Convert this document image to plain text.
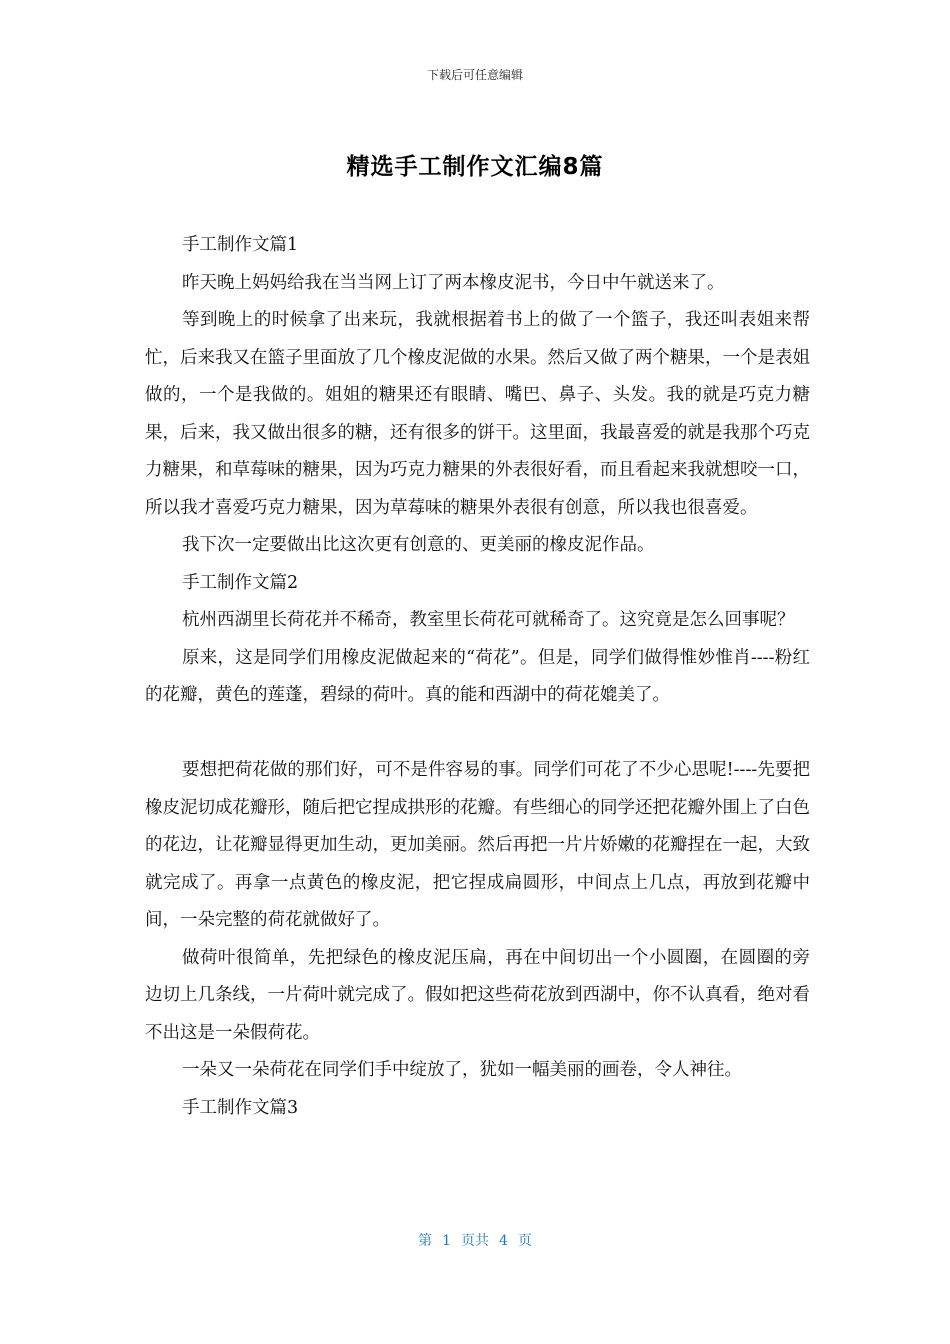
下载后可任意编辑
精选手工制作文汇编8篇

手工制作文篇1

昨天晚上妈妈给我在当当网上订了两本橡皮泥书，今日中午就送来了。

等到晚上的时候拿了出来玩，我就根据着书上的做了一个篮子，我还叫表姐来帮忙，后来我又在篮子里面放了几个橡皮泥做的水果。然后又做了两个糖果，一个是表姐做的，一个是我做的。姐姐的糖果还有眼睛、嘴巴、鼻子、头发。我的就是巧克力糖果，后来，我又做出很多的糖，还有很多的饼干。这里面，我最喜爱的就是我那个巧克力糖果，和草莓味的糖果，因为巧克力糖果的外表很好看，而且看起来我就想咬一口，所以我才喜爱巧克力糖果，因为草莓味的糖果外表很有创意，所以我也很喜爱。

我下次一定要做出比这次更有创意的、更美丽的橡皮泥作品。

手工制作文篇2

杭州西湖里长荷花并不稀奇，教室里长荷花可就稀奇了。这究竟是怎么回事呢？

原来，这是同学们用橡皮泥做起来的“荷花”。但是，同学们做得惟妙惟肖----粉红的花瓣，黄色的莲蓬，碧绿的荷叶。真的能和西湖中的荷花媲美了。

要想把荷花做的那们好，可不是件容易的事。同学们可花了不少心思呢!----先要把橡皮泥切成花瓣形，随后把它捏成拱形的花瓣。有些细心的同学还把花瓣外围上了白色的花边，让花瓣显得更加生动，更加美丽。然后再把一片片娇嫩的花瓣捏在一起，大致就完成了。再拿一点黄色的橡皮泥，把它捏成扁圆形，中间点上几点，再放到花瓣中间，一朵完整的荷花就做好了。

做荷叶很简单，先把绿色的橡皮泥压扁，再在中间切出一个小圆圈，在圆圈的旁边切上几条线，一片荷叶就完成了。假如把这些荷花放到西湖中，你不认真看，绝对看不出这是一朵假荷花。

一朵又一朵荷花在同学们手中绽放了，犹如一幅美丽的画卷，令人神往。

手工制作文篇3

第 1 页共 4 页
